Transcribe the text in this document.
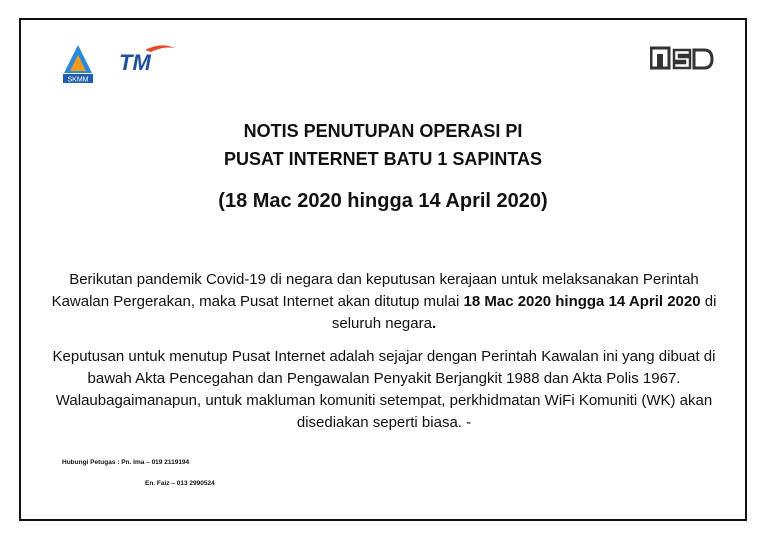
SKMM
TM
NOTIS PENUTUPAN OPERASI PI
PUSAT INTERNET BATU 1 SAPINTAS
(18 Mac 2020 hingga 14 April 2020)
Berikutan pandemik Covid-19 di negara dan keputusan kerajaan untuk melaksanakan Perintah Kawalan Pergerakan, maka Pusat Internet akan ditutup mulai 18 Mac 2020 hingga 14 April 2020 di seluruh negara.
Keputusan untuk menutup Pusat Internet adalah sejajar dengan Perintah Kawalan ini yang dibuat di bawah Akta Pencegahan dan Pengawalan Penyakit Berjangkit 1988 dan Akta Polis 1967. Walaubagaimanapun, untuk makluman komuniti setempat, perkhidmatan WiFi Komuniti (WK) akan disediakan seperti biasa. -
Hubungi Petugas : Pn. Ima – 019 2119194
En. Faiz – 013 2990524
